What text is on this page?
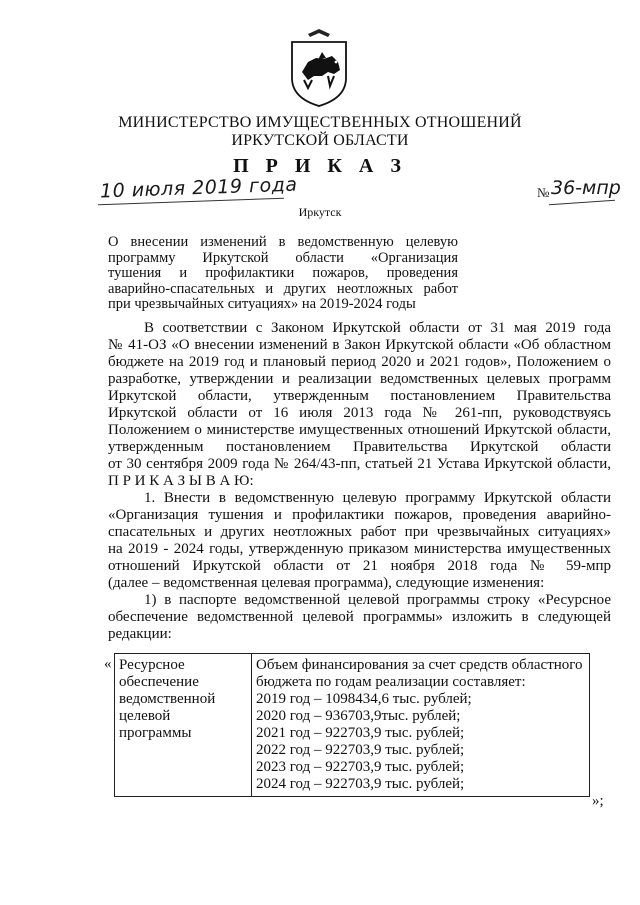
МИНИСТЕРСТВО ИМУЩЕСТВЕННЫХ ОТНОШЕНИЙ
ИРКУТСКОЙ ОБЛАСТИ
П Р И К А З
10 июля 2019 года	№ 36-мпр
Иркутск
О внесении изменений в ведомственную целевую
программу Иркутской области «Организация
тушения и профилактики пожаров, проведения
аварийно-спасательных и других неотложных работ
при чрезвычайных ситуациях» на 2019-2024 годы
В соответствии с Законом Иркутской области от 31 мая 2019 года
№ 41-ОЗ «О внесении изменений в Закон Иркутской области «Об областном
бюджете на 2019 год и плановый период 2020 и 2021 годов», Положением о
разработке, утверждении и реализации ведомственных целевых программ
Иркутской области, утвержденным постановлением Правительства
Иркутской области от 16 июля 2013 года № 261-пп, руководствуясь
Положением о министерстве имущественных отношений Иркутской области,
утвержденным постановлением Правительства Иркутской области
от 30 сентября 2009 года № 264/43-пп, статьей 21 Устава Иркутской области,
П Р И К А З Ы В А Ю:
1. Внести в ведомственную целевую программу Иркутской области
«Организация тушения и профилактики пожаров, проведения аварийно-
спасательных и других неотложных работ при чрезвычайных ситуациях»
на 2019 - 2024 годы, утвержденную приказом министерства имущественных
отношений Иркутской области от 21 ноября 2018 года № 59-мпр
(далее – ведомственная целевая программа), следующие изменения:
1) в паспорте ведомственной целевой программы строку «Ресурсное
обеспечение ведомственной целевой программы» изложить в следующей
редакции:
« Ресурсное
обеспечение
ведомственной
целевой
программы

Объем финансирования за счет средств областного
бюджета по годам реализации составляет:
2019 год – 1098434,6 тыс. рублей;
2020 год – 936703,9тыс. рублей;
2021 год – 922703,9 тыс. рублей;
2022 год – 922703,9 тыс. рублей;
2023 год – 922703,9 тыс. рублей;
2024 год – 922703,9 тыс. рублей;
»;
